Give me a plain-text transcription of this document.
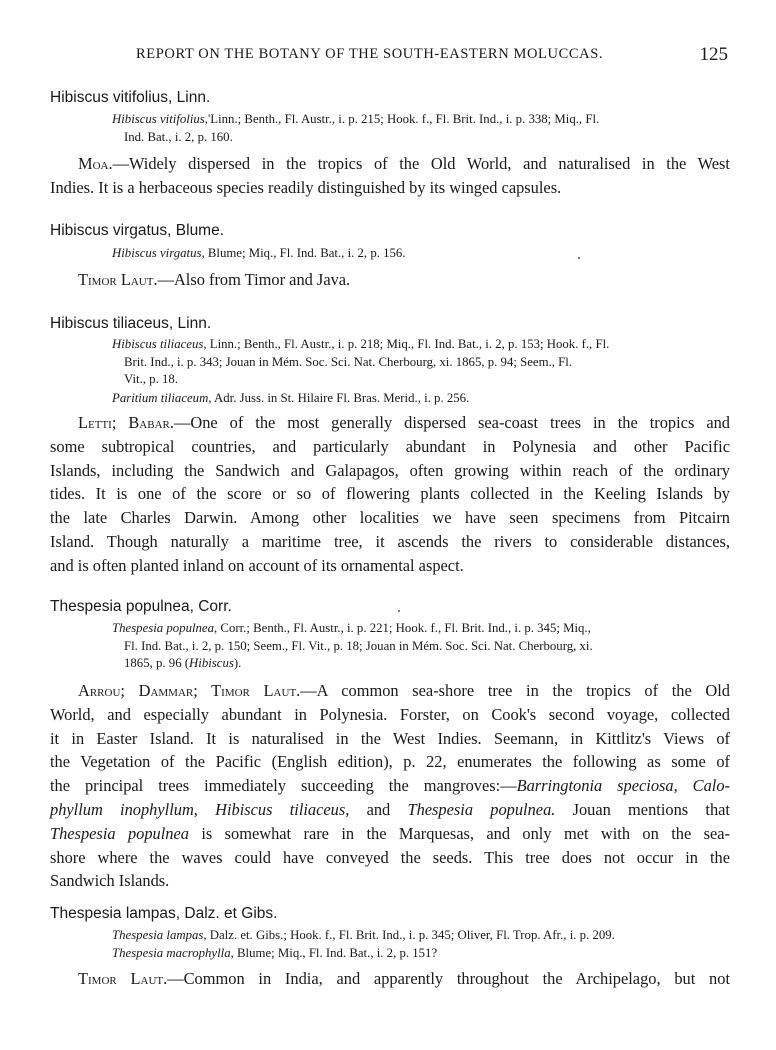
REPORT ON THE BOTANY OF THE SOUTH-EASTERN MOLUCCAS.	125
Hibiscus vitifolius, Linn.
Hibiscus vitifolius,'Linn.; Benth., Fl. Austr., i. p. 215; Hook. f., Fl. Brit. Ind., i. p. 338; Miq., Fl.
Ind. Bat., i. 2, p. 160.
Moa.—Widely dispersed in the tropics of the Old World, and naturalised in the West
Indies. It is a herbaceous species readily distinguished by its winged capsules.
Hibiscus virgatus, Blume.
Hibiscus virgatus, Blume; Miq., Fl. Ind. Bat., i. 2, p. 156.
Timor Laut.—Also from Timor and Java.
Hibiscus tiliaceus, Linn.
Hibiscus tiliaceus, Linn.; Benth., Fl. Austr., i. p. 218; Miq., Fl. Ind. Bat., i. 2, p. 153; Hook. f., Fl.
Brit. Ind., i. p. 343; Jouan in Mém. Soc. Sci. Nat. Cherbourg, xi. 1865, p. 94; Seem., Fl.
Vit., p. 18.
Paritium tiliaceum, Adr. Juss. in St. Hilaire Fl. Bras. Merid., i. p. 256.
Letti; Babar.—One of the most generally dispersed sea-coast trees in the tropics and
some subtropical countries, and particularly abundant in Polynesia and other Pacific
Islands, including the Sandwich and Galapagos, often growing within reach of the ordinary
tides. It is one of the score or so of flowering plants collected in the Keeling Islands by
the late Charles Darwin. Among other localities we have seen specimens from Pitcairn
Island. Though naturally a maritime tree, it ascends the rivers to considerable distances,
and is often planted inland on account of its ornamental aspect.
Thespesia populnea, Corr.
Thespesia populnea, Corr.; Benth., Fl. Austr., i. p. 221; Hook. f., Fl. Brit. Ind., i. p. 345; Miq.,
Fl. Ind. Bat., i. 2, p. 150; Seem., Fl. Vit., p. 18; Jouan in Mém. Soc. Sci. Nat. Cherbourg, xi.
1865, p. 96 (Hibiscus).
Arrou; Dammar; Timor Laut.—A common sea-shore tree in the tropics of the Old
World, and especially abundant in Polynesia. Forster, on Cook's second voyage, collected
it in Easter Island. It is naturalised in the West Indies. Seemann, in Kittlitz's Views of
the Vegetation of the Pacific (English edition), p. 22, enumerates the following as some of
the principal trees immediately succeeding the mangroves:—Barringtonia speciosa, Calo-
phyllum inophyllum, Hibiscus tiliaceus, and Thespesia populnea. Jouan mentions that
Thespesia populnea is somewhat rare in the Marquesas, and only met with on the sea-
shore where the waves could have conveyed the seeds. This tree does not occur in the
Sandwich Islands.
Thespesia lampas, Dalz. et Gibs.
Thespesia lampas, Dalz. et. Gibs.; Hook. f., Fl. Brit. Ind., i. p. 345; Oliver, Fl. Trop. Afr., i. p. 209.
Thespesia macrophylla, Blume; Miq., Fl. Ind. Bat., i. 2, p. 151?
Timor Laut.—Common in India, and apparently throughout the Archipelago, but not
